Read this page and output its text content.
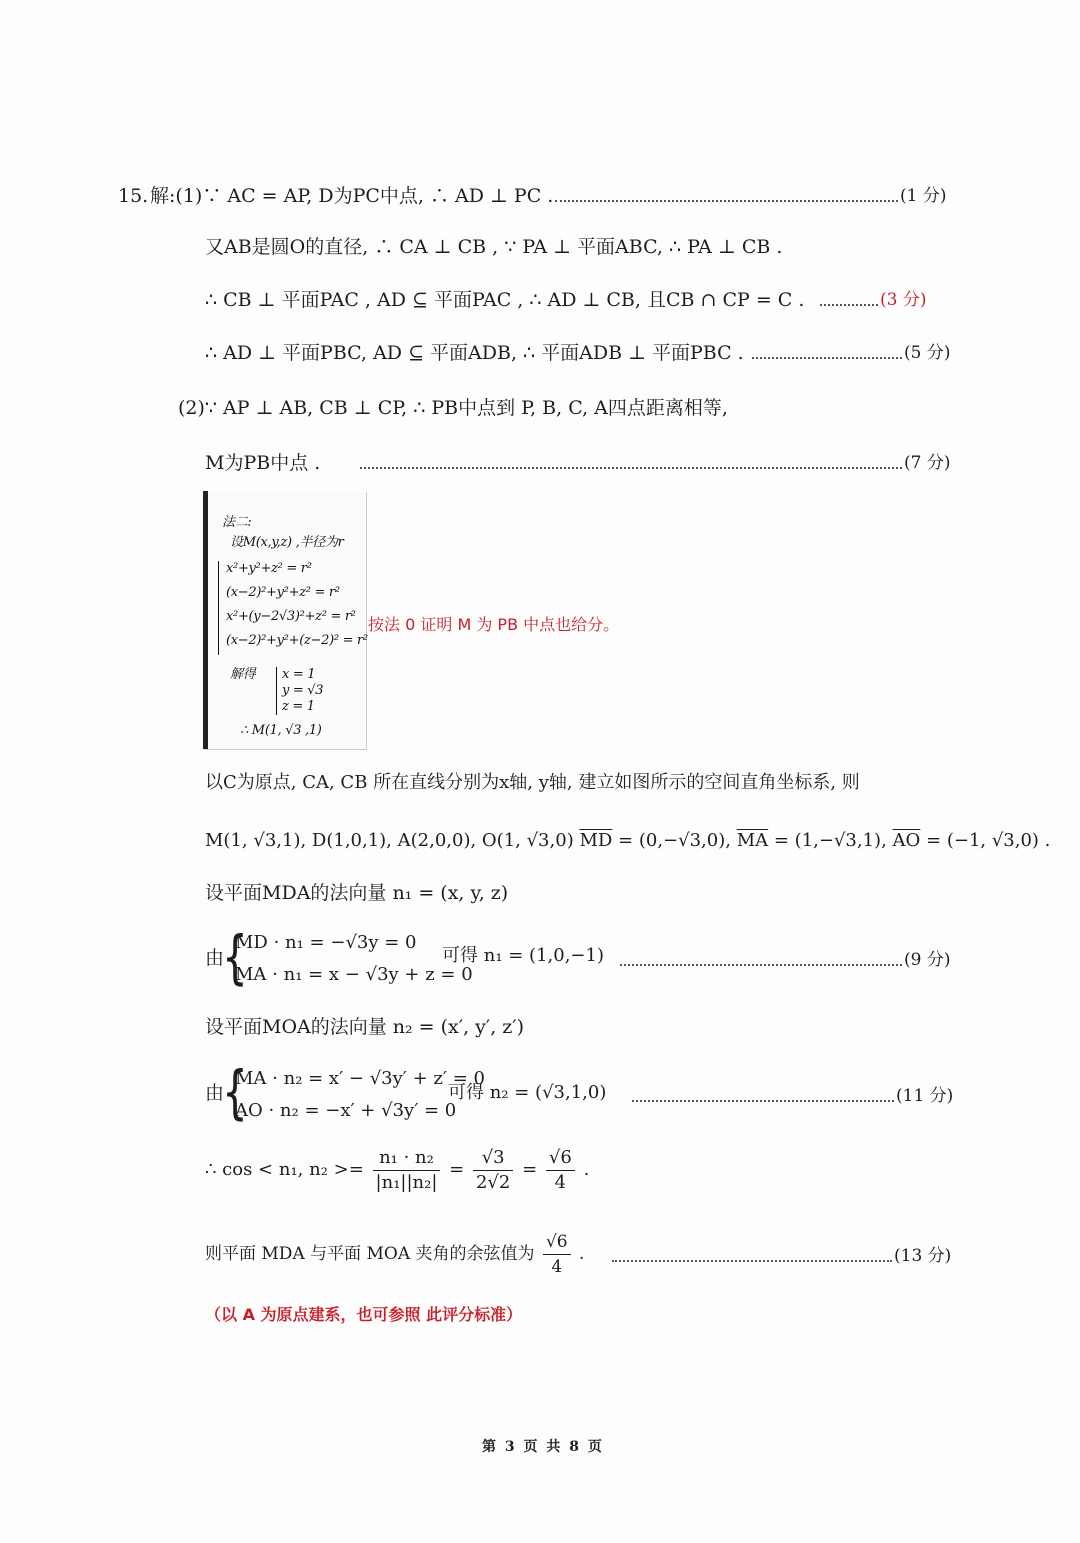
15. 解:(1)∵ AC = AP, D为PC中点, ∴ AD ⊥ PC .	(1 分)
又AB是圆O的直径, ∴ CA ⊥ CB , ∵ PA ⊥ 平面ABC, ∴ PA ⊥ CB .
∴ CB ⊥ 平面PAC , AD ⊆ 平面PAC , ∴ AD ⊥ CB, 且CB ∩ CP = C .	(3 分)
∴ AD ⊥ 平面PBC, AD ⊆ 平面ADB, ∴ 平面ADB ⊥ 平面PBC .	(5 分)
(2)∵ AP ⊥ AB, CB ⊥ CP, ∴ PB中点到 P, B, C, A四点距离相等,
M为PB中点 .	(7 分)
法二:
设M(x,y,z) ,半径为r
x²+y²+z² = r²
(x−2)²+y²+z² = r²
x²+(y−2√3)²+z² = r²
(x−2)²+y²+(z−2)² = r²
解得 x = 1
y = √3
z = 1
∴ M(1, √3 ,1)
按法 0 证明 M 为 PB 中点也给分。
以C为原点, CA, CB 所在直线分别为x轴, y轴, 建立如图所示的空间直角坐标系, 则
M(1, √3,1), D(1,0,1), A(2,0,0), O(1, √3,0) $\overline{MD} = (0,-√3,0)$, $\overline{MA} = (1,-√3,1)$, $\overline{AO} = (-1$, √3,0) .
设平面MDA的法向量 n₁ = (x, y, z)
由
{
MD · n₁ = −√3y = 0
MA · n₁ = x − √3y + z = 0
可得 n₁ = (1,0,−1)	(9 分)
设平面MOA的法向量 n₂ = (x′, y′, z′)
由
{
MA · n₂ = x′ − √3y′ + z′ = 0
AO · n₂ = −x′ + √3y′ = 0
可得 n₂ = (√3,1,0)	(11 分)
∴ cos < n₁, $n_2 >= \frac{\text{n₁ · n₂}}{\text{|n₁||n₂|}} = \frac{√3}{2√2} = \frac{√6}{4}$ .
则平面 MDA 与平面 MOA 夹角的余弦值为 $\frac{√6}{4}$ .	(13 分)
（以 A 为原点建系，也可参照 此评分标准）
第 3 页 共 8 页
